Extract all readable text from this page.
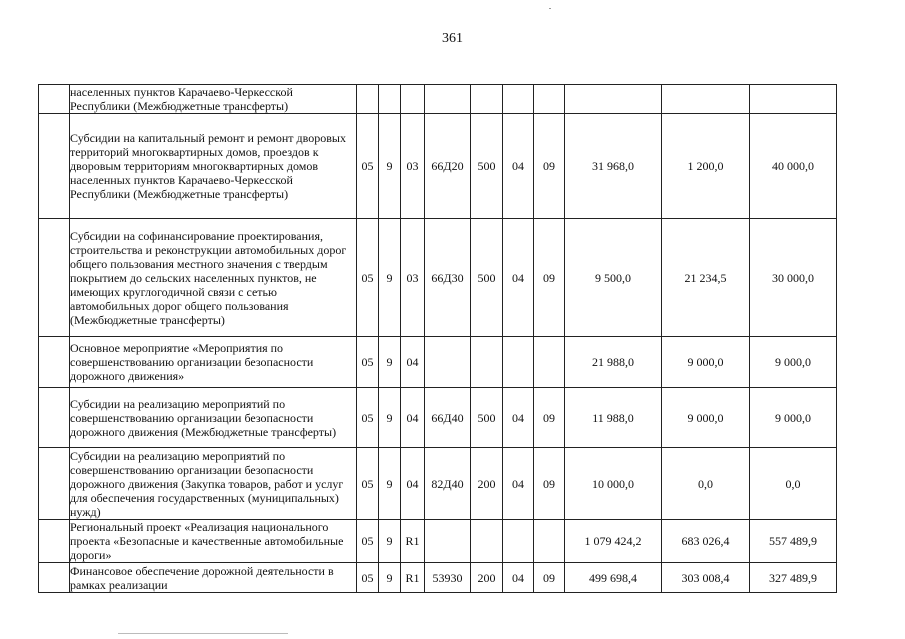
361
	населенных пунктов Карачаево-Черкесской Республики (Межбюджетные трансферты)										
	Субсидии на капитальный ремонт и ремонт дворовых территорий многоквартирных домов, проездов к дворовым территориям многоквартирных домов населенных пунктов Карачаево-Черкесской Республики (Межбюджетные трансферты)	05	9	03	66Д20	500	04	09	31 968,0	1 200,0	40 000,0
	Субсидии на софинансирование проектирования, строительства и реконструкции автомобильных дорог общего пользования местного значения с твердым покрытием до сельских населенных пунктов, не имеющих круглогодичной связи с сетью автомобильных дорог общего пользования (Межбюджетные трансферты)	05	9	03	66Д30	500	04	09	9 500,0	21 234,5	30 000,0
	Основное мероприятие «Мероприятия по совершенствованию организации безопасности дорожного движения»	05	9	04					21 988,0	9 000,0	9 000,0
	Субсидии на реализацию мероприятий по совершенствованию организации безопасности дорожного движения (Межбюджетные трансферты)	05	9	04	66Д40	500	04	09	11 988,0	9 000,0	9 000,0
	Субсидии на реализацию мероприятий по совершенствованию организации безопасности дорожного движения (Закупка товаров, работ и услуг для обеспечения государственных (муниципальных) нужд)	05	9	04	82Д40	200	04	09	10 000,0	0,0	0,0
	Региональный проект «Реализация национального проекта «Безопасные и качественные автомобильные дороги»	05	9	R1					1 079 424,2	683 026,4	557 489,9
	Финансовое обеспечение дорожной деятельности в рамках реализации	05	9	R1	53930	200	04	09	499 698,4	303 008,4	327 489,9
